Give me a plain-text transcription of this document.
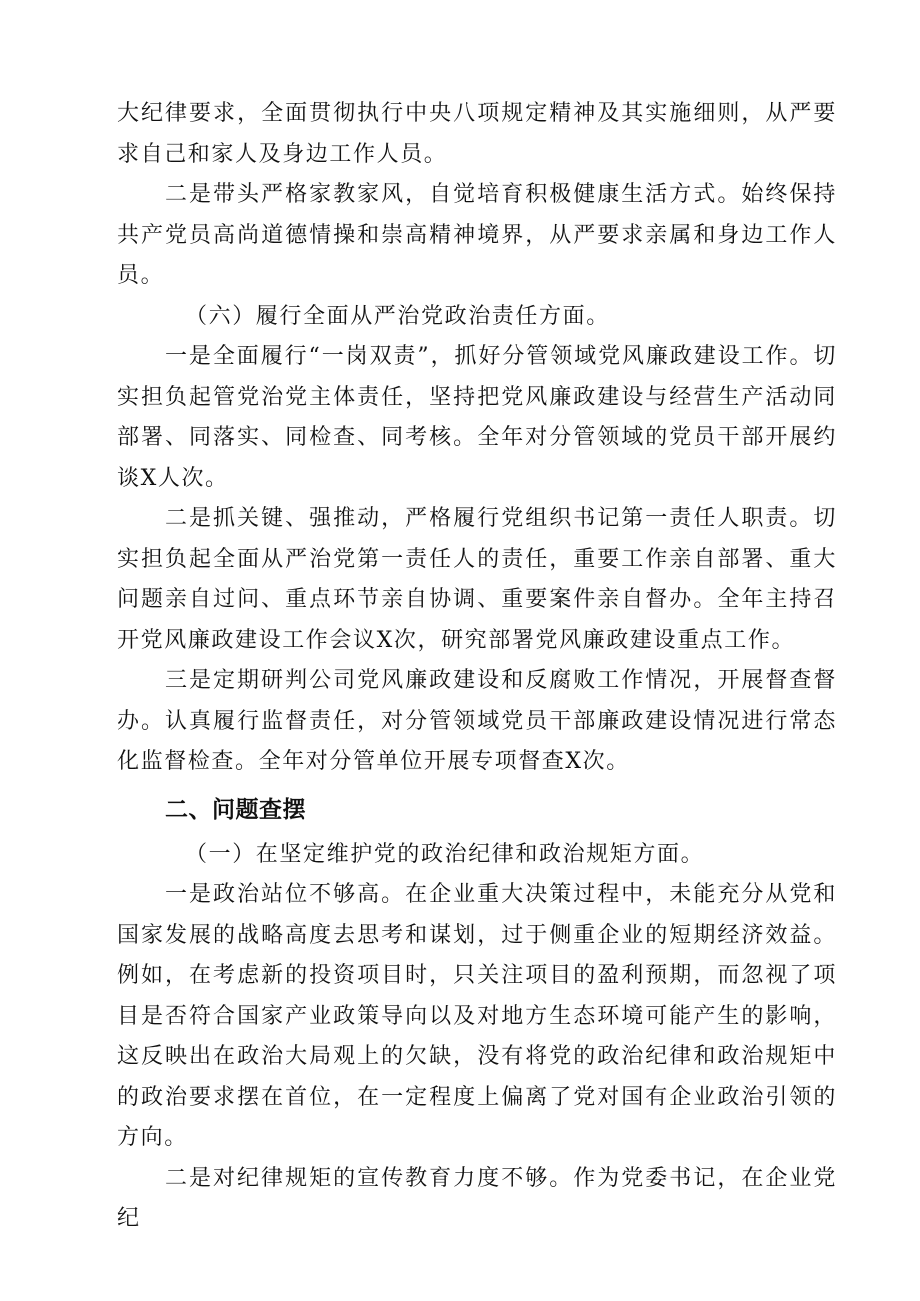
大纪律要求，全面贯彻执行中央八项规定精神及其实施细则，从严要求自己和家人及身边工作人员。

二是带头严格家教家风，自觉培育积极健康生活方式。始终保持共产党员高尚道德情操和崇高精神境界，从严要求亲属和身边工作人员。

（六）履行全面从严治党政治责任方面。

一是全面履行“一岗双责”，抓好分管领域党风廉政建设工作。切实担负起管党治党主体责任，坚持把党风廉政建设与经营生产活动同部署、同落实、同检查、同考核。全年对分管领域的党员干部开展约谈X人次。

二是抓关键、强推动，严格履行党组织书记第一责任人职责。切实担负起全面从严治党第一责任人的责任，重要工作亲自部署、重大问题亲自过问、重点环节亲自协调、重要案件亲自督办。全年主持召开党风廉政建设工作会议X次，研究部署党风廉政建设重点工作。

三是定期研判公司党风廉政建设和反腐败工作情况，开展督查督办。认真履行监督责任，对分管领域党员干部廉政建设情况进行常态化监督检查。全年对分管单位开展专项督查X次。

二、问题查摆

（一）在坚定维护党的政治纪律和政治规矩方面。

一是政治站位不够高。在企业重大决策过程中，未能充分从党和国家发展的战略高度去思考和谋划，过于侧重企业的短期经济效益。例如，在考虑新的投资项目时，只关注项目的盈利预期，而忽视了项目是否符合国家产业政策导向以及对地方生态环境可能产生的影响，这反映出在政治大局观上的欠缺，没有将党的政治纪律和政治规矩中的政治要求摆在首位，在一定程度上偏离了党对国有企业政治引领的方向。

二是对纪律规矩的宣传教育力度不够。作为党委书记，在企业党纪
